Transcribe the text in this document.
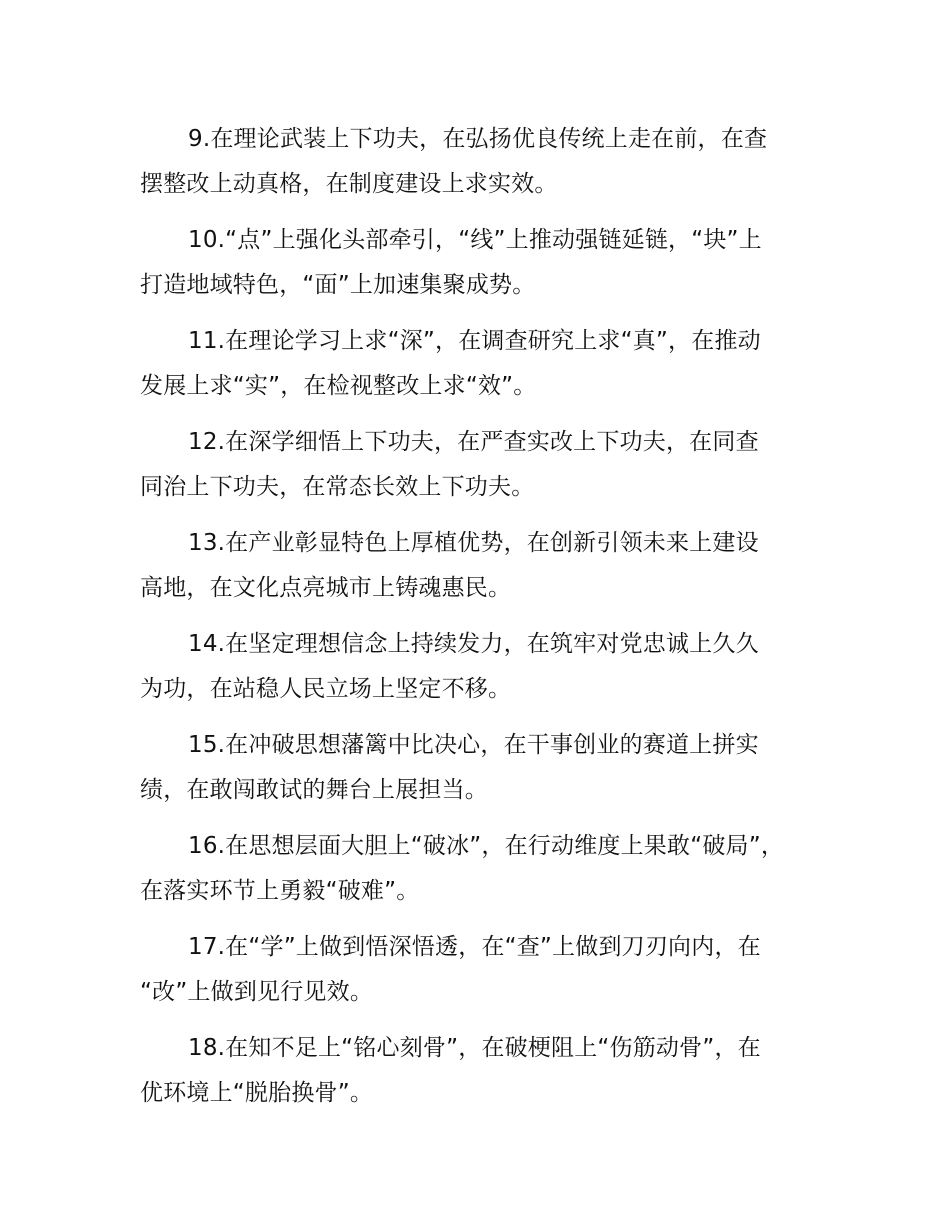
9.在理论武装上下功夫，在弘扬优良传统上走在前，在查
摆整改上动真格，在制度建设上求实效。

10.“点”上强化头部牵引，“线”上推动强链延链，“块”上
打造地域特色，“面”上加速集聚成势。

11.在理论学习上求“深”，在调查研究上求“真”，在推动
发展上求“实”，在检视整改上求“效”。

12.在深学细悟上下功夫，在严查实改上下功夫，在同查
同治上下功夫，在常态长效上下功夫。

13.在产业彰显特色上厚植优势，在创新引领未来上建设
高地，在文化点亮城市上铸魂惠民。

14.在坚定理想信念上持续发力，在筑牢对党忠诚上久久
为功，在站稳人民立场上坚定不移。

15.在冲破思想藩篱中比决心，在干事创业的赛道上拼实
绩，在敢闯敢试的舞台上展担当。

16.在思想层面大胆上“破冰”，在行动维度上果敢“破局”，
在落实环节上勇毅“破难”。

17.在“学”上做到悟深悟透，在“查”上做到刀刃向内，在
“改”上做到见行见效。

18.在知不足上“铭心刻骨”，在破梗阻上“伤筋动骨”，在
优环境上“脱胎换骨”。
